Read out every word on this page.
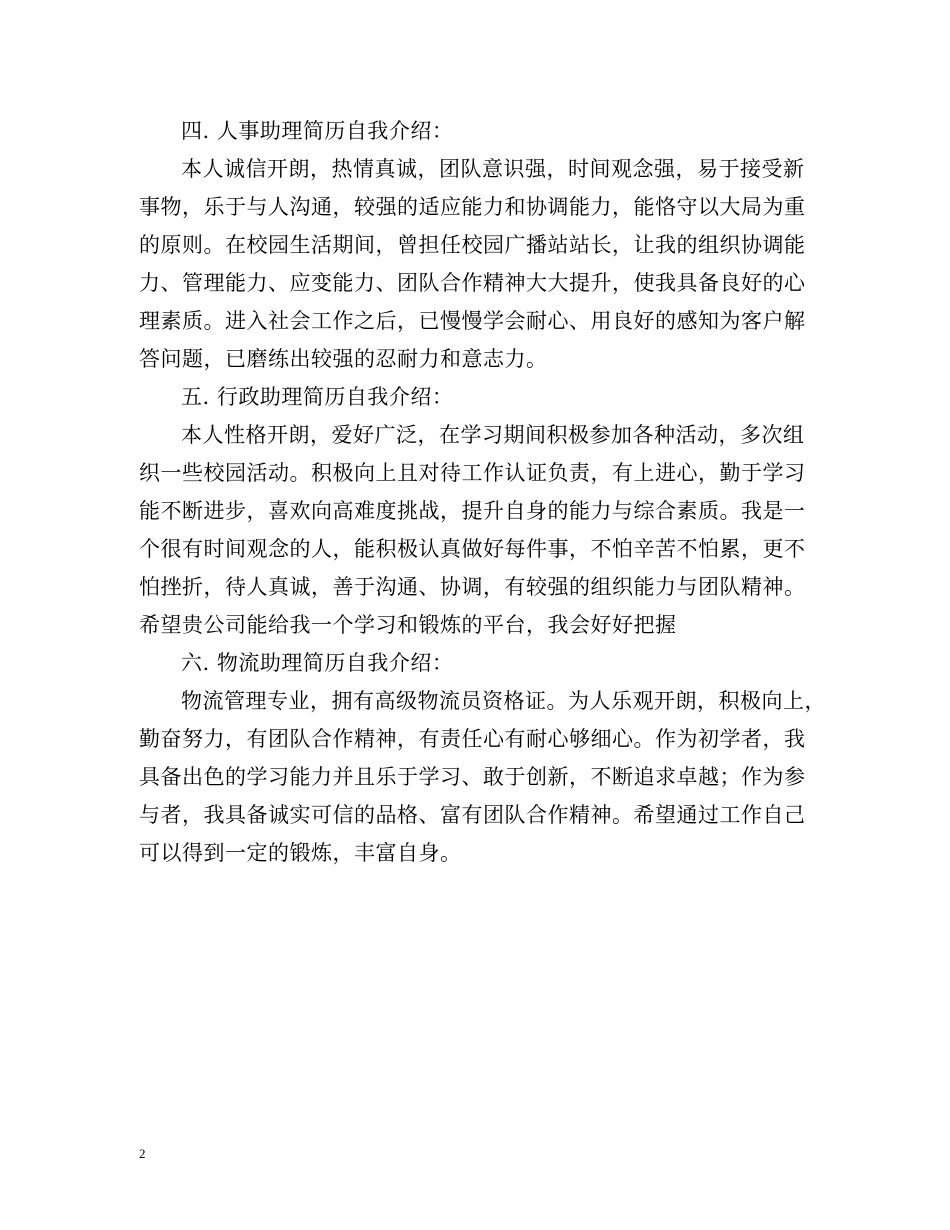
四. 人事助理简历自我介绍：
本人诚信开朗，热情真诚，团队意识强，时间观念强，易于接受新
事物，乐于与人沟通，较强的适应能力和协调能力，能恪守以大局为重
的原则。在校园生活期间，曾担任校园广播站站长，让我的组织协调能
力、管理能力、应变能力、团队合作精神大大提升，使我具备良好的心
理素质。进入社会工作之后，已慢慢学会耐心、用良好的感知为客户解
答问题，已磨练出较强的忍耐力和意志力。
五. 行政助理简历自我介绍：
本人性格开朗，爱好广泛，在学习期间积极参加各种活动，多次组
织一些校园活动。积极向上且对待工作认证负责，有上进心，勤于学习
能不断进步，喜欢向高难度挑战，提升自身的能力与综合素质。我是一
个很有时间观念的人，能积极认真做好每件事，不怕辛苦不怕累，更不
怕挫折，待人真诚，善于沟通、协调，有较强的组织能力与团队精神。
希望贵公司能给我一个学习和锻炼的平台，我会好好把握
六. 物流助理简历自我介绍：
物流管理专业，拥有高级物流员资格证。为人乐观开朗，积极向上，
勤奋努力，有团队合作精神，有责任心有耐心够细心。作为初学者，我
具备出色的学习能力并且乐于学习、敢于创新，不断追求卓越；作为参
与者，我具备诚实可信的品格、富有团队合作精神。希望通过工作自己
可以得到一定的锻炼，丰富自身。
2
